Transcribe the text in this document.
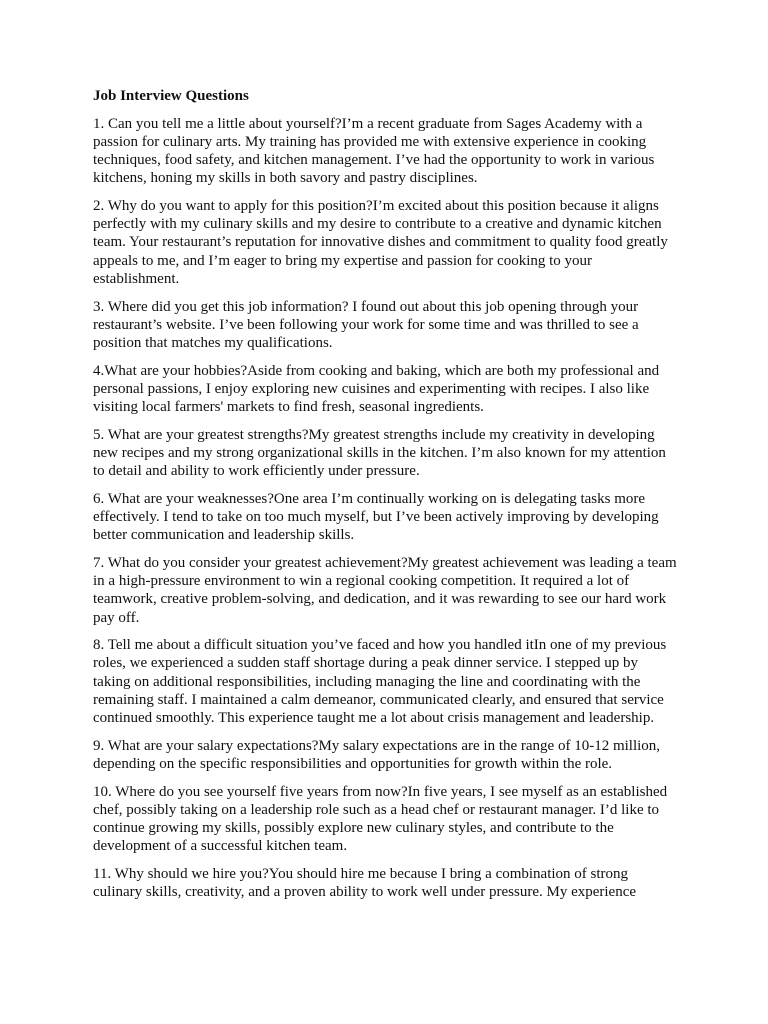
Job Interview Questions

1. Can you tell me a little about yourself?I’m a recent graduate from Sages Academy with a passion for culinary arts. My training has provided me with extensive experience in cooking techniques, food safety, and kitchen management. I’ve had the opportunity to work in various kitchens, honing my skills in both savory and pastry disciplines.

2. Why do you want to apply for this position?I’m excited about this position because it aligns perfectly with my culinary skills and my desire to contribute to a creative and dynamic kitchen team. Your restaurant’s reputation for innovative dishes and commitment to quality food greatly appeals to me, and I’m eager to bring my expertise and passion for cooking to your establishment.

3. Where did you get this job information? I found out about this job opening through your restaurant’s website. I’ve been following your work for some time and was thrilled to see a position that matches my qualifications.

4.What are your hobbies?Aside from cooking and baking, which are both my professional and personal passions, I enjoy exploring new cuisines and experimenting with recipes. I also like visiting local farmers' markets to find fresh, seasonal ingredients.

5. What are your greatest strengths?My greatest strengths include my creativity in developing new recipes and my strong organizational skills in the kitchen. I’m also known for my attention to detail and ability to work efficiently under pressure.

6. What are your weaknesses?One area I’m continually working on is delegating tasks more effectively. I tend to take on too much myself, but I’ve been actively improving by developing better communication and leadership skills.

7. What do you consider your greatest achievement?My greatest achievement was leading a team in a high-pressure environment to win a regional cooking competition. It required a lot of teamwork, creative problem-solving, and dedication, and it was rewarding to see our hard work pay off.

8. Tell me about a difficult situation you’ve faced and how you handled itIn one of my previous roles, we experienced a sudden staff shortage during a peak dinner service. I stepped up by taking on additional responsibilities, including managing the line and coordinating with the remaining staff. I maintained a calm demeanor, communicated clearly, and ensured that service continued smoothly. This experience taught me a lot about crisis management and leadership.

9. What are your salary expectations?My salary expectations are in the range of 10-12 million, depending on the specific responsibilities and opportunities for growth within the role.

10. Where do you see yourself five years from now?In five years, I see myself as an established chef, possibly taking on a leadership role such as a head chef or restaurant manager. I’d like to continue growing my skills, possibly explore new culinary styles, and contribute to the development of a successful kitchen team.

11. Why should we hire you?You should hire me because I bring a combination of strong culinary skills, creativity, and a proven ability to work well under pressure. My experience
